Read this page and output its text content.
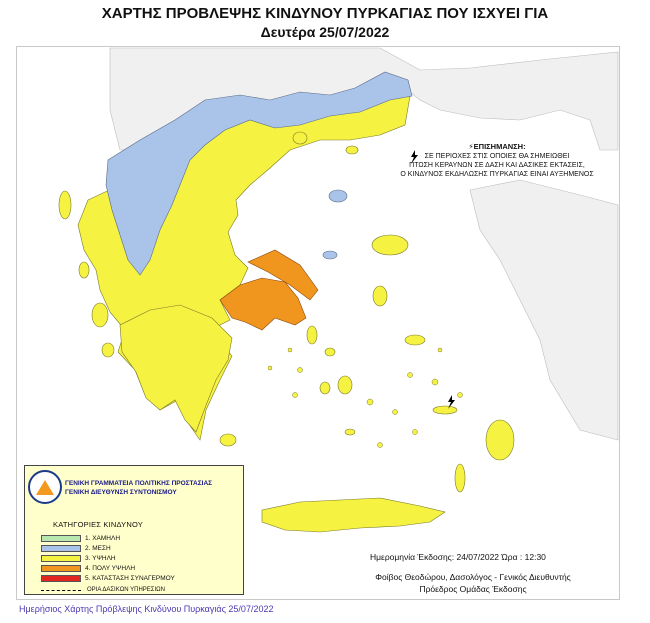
ΧΑΡΤΗΣ ΠΡΟΒΛΕΨΗΣ ΚΙΝΔΥΝΟΥ ΠΥΡΚΑΓΙΑΣ ΠΟΥ ΙΣΧΥΕΙ ΓΙΑ
Δευτέρα 25/07/2022
⚡ΕΠΙΣΗΜΑΝΣΗ:
ΣΕ ΠΕΡΙΟΧΕΣ ΣΤΙΣ ΟΠΟΙΕΣ ΘΑ ΣΗΜΕΙΩΘΕΙ
ΠΤΩΣΗ ΚΕΡΑΥΝΩΝ ΣΕ ΔΑΣΗ ΚΑΙ ΔΑΣΙΚΕΣ ΕΚΤΑΣΕΙΣ,
Ο ΚΙΝΔΥΝΟΣ ΕΚΔΗΛΩΣΗΣ ΠΥΡΚΑΓΙΑΣ ΕΙΝΑΙ ΑΥΞΗΜΕΝΟΣ
ΓΕΝΙΚΗ ΓΡΑΜΜΑΤΕΙΑ ΠΟΛΙΤΙΚΗΣ ΠΡΟΣΤΑΣΙΑΣ
ΓΕΝΙΚΗ ΔΙΕΥΘΥΝΣΗ ΣΥΝΤΟΝΙΣΜΟΥ
ΚΑΤΗΓΟΡΙΕΣ ΚΙΝΔΥΝΟΥ
1. ΧΑΜΗΛΗ
2. ΜΕΣΗ
3. ΥΨΗΛΗ
4. ΠΟΛΥ ΥΨΗΛΗ
5. ΚΑΤΑΣΤΑΣΗ ΣΥΝΑΓΕΡΜΟΥ
ΟΡΙΑ ΔΑΣΙΚΩΝ ΥΠΗΡΕΣΙΩΝ
Ημερομηνία Έκδοσης: 24/07/2022 Ώρα : 12:30
Φοίβος Θεοδώρου, Δασολόγος - Γενικός Διευθυντής
Πρόεδρος Ομάδας Έκδοσης
Ημερήσιος Χάρτης Πρόβλεψης Κινδύνου Πυρκαγιάς 25/07/2022
